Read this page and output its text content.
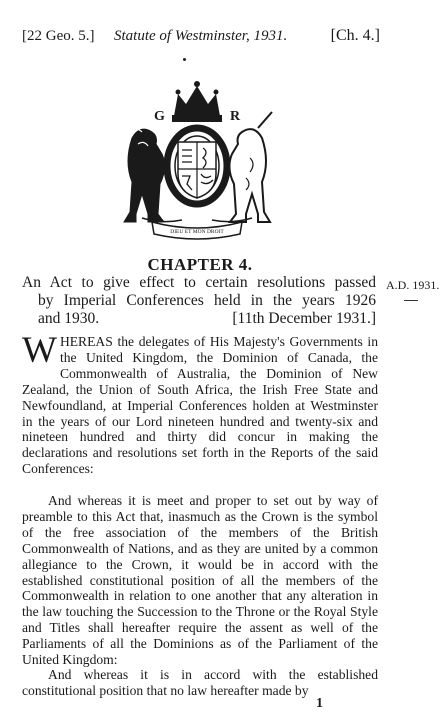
[22 Geo. 5.] Statute of Westminster, 1931.	[Ch. 4.]
G	R
DIEU ET MON DROIT
CHAPTER 4.
An Act to give effect to certain resolutions passed
by Imperial Conferences held in the years 1926
and 1930.	[11th December 1931.]
A.D. 1931.
WHEREAS the delegates of His Majesty's Governments in the United Kingdom, the Dominion of Canada, the Commonwealth of Australia, the Dominion of New Zealand, the Union of South Africa, the Irish Free State and Newfoundland, at Imperial Conferences holden at Westminster in the years of our Lord nineteen hundred and twenty-six and nineteen hundred and thirty did concur in making the declarations and resolutions set forth in the Reports of the said Conferences:
And whereas it is meet and proper to set out by way of preamble to this Act that, inasmuch as the Crown is the symbol of the free association of the members of the British Commonwealth of Nations, and as they are united by a common allegiance to the Crown, it would be in accord with the established constitutional position of all the members of the Commonwealth in relation to one another that any alteration in the law touching the Succession to the Throne or the Royal Style and Titles shall hereafter require the assent as well of the Parliaments of all the Dominions as of the Parliament of the United Kingdom:
And whereas it is in accord with the established constitutional position that no law hereafter made by
1
